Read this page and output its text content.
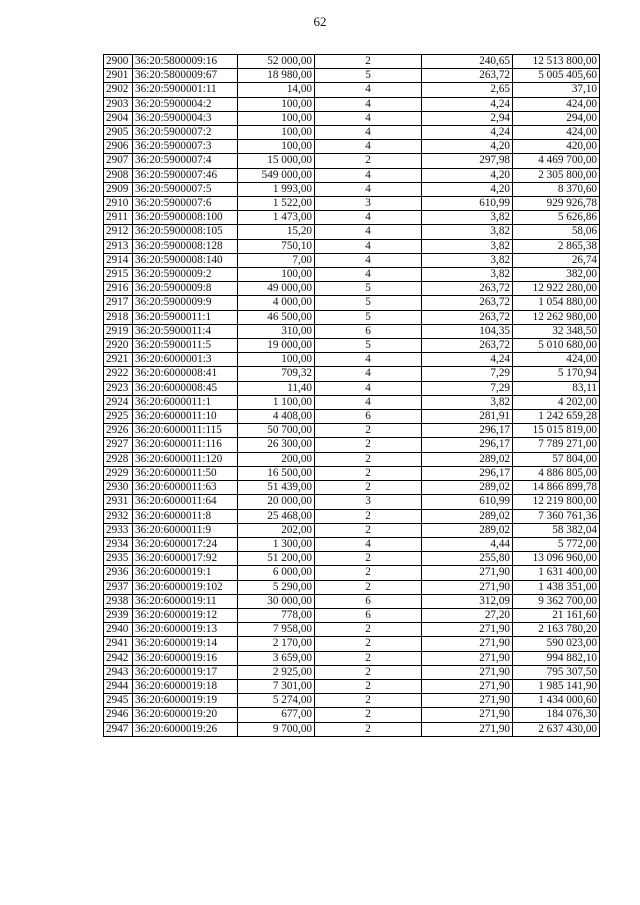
62
2900	36:20:5800009:16	52 000,00	2	240,65	12 513 800,00
2901	36:20:5800009:67	18 980,00	5	263,72	5 005 405,60
2902	36:20:5900001:11	14,00	4	2,65	37,10
2903	36:20:5900004:2	100,00	4	4,24	424,00
2904	36:20:5900004:3	100,00	4	2,94	294,00
2905	36:20:5900007:2	100,00	4	4,24	424,00
2906	36:20:5900007:3	100,00	4	4,20	420,00
2907	36:20:5900007:4	15 000,00	2	297,98	4 469 700,00
2908	36:20:5900007:46	549 000,00	4	4,20	2 305 800,00
2909	36:20:5900007:5	1 993,00	4	4,20	8 370,60
2910	36:20:5900007:6	1 522,00	3	610,99	929 926,78
2911	36:20:5900008:100	1 473,00	4	3,82	5 626,86
2912	36:20:5900008:105	15,20	4	3,82	58,06
2913	36:20:5900008:128	750,10	4	3,82	2 865,38
2914	36:20:5900008:140	7,00	4	3,82	26,74
2915	36:20:5900009:2	100,00	4	3,82	382,00
2916	36:20:5900009:8	49 000,00	5	263,72	12 922 280,00
2917	36:20:5900009:9	4 000,00	5	263,72	1 054 880,00
2918	36:20:5900011:1	46 500,00	5	263,72	12 262 980,00
2919	36:20:5900011:4	310,00	6	104,35	32 348,50
2920	36:20:5900011:5	19 000,00	5	263,72	5 010 680,00
2921	36:20:6000001:3	100,00	4	4,24	424,00
2922	36:20:6000008:41	709,32	4	7,29	5 170,94
2923	36:20:6000008:45	11,40	4	7,29	83,11
2924	36:20:6000011:1	1 100,00	4	3,82	4 202,00
2925	36:20:6000011:10	4 408,00	6	281,91	1 242 659,28
2926	36:20:6000011:115	50 700,00	2	296,17	15 015 819,00
2927	36:20:6000011:116	26 300,00	2	296,17	7 789 271,00
2928	36:20:6000011:120	200,00	2	289,02	57 804,00
2929	36:20:6000011:50	16 500,00	2	296,17	4 886 805,00
2930	36:20:6000011:63	51 439,00	2	289,02	14 866 899,78
2931	36:20:6000011:64	20 000,00	3	610,99	12 219 800,00
2932	36:20:6000011:8	25 468,00	2	289,02	7 360 761,36
2933	36:20:6000011:9	202,00	2	289,02	58 382,04
2934	36:20:6000017:24	1 300,00	4	4,44	5 772,00
2935	36:20:6000017:92	51 200,00	2	255,80	13 096 960,00
2936	36:20:6000019:1	6 000,00	2	271,90	1 631 400,00
2937	36:20:6000019:102	5 290,00	2	271,90	1 438 351,00
2938	36:20:6000019:11	30 000,00	6	312,09	9 362 700,00
2939	36:20:6000019:12	778,00	6	27,20	21 161,60
2940	36:20:6000019:13	7 958,00	2	271,90	2 163 780,20
2941	36:20:6000019:14	2 170,00	2	271,90	590 023,00
2942	36:20:6000019:16	3 659,00	2	271,90	994 882,10
2943	36:20:6000019:17	2 925,00	2	271,90	795 307,50
2944	36:20:6000019:18	7 301,00	2	271,90	1 985 141,90
2945	36:20:6000019:19	5 274,00	2	271,90	1 434 000,60
2946	36:20:6000019:20	677,00	2	271,90	184 076,30
2947	36:20:6000019:26	9 700,00	2	271,90	2 637 430,00
